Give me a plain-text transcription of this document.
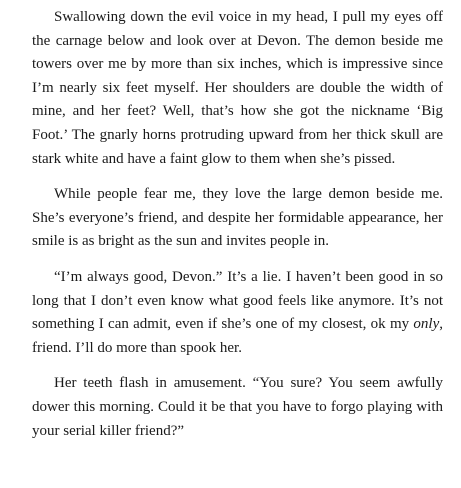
Swallowing down the evil voice in my head, I pull my eyes off the carnage below and look over at Devon. The demon beside me towers over me by more than six inches, which is impressive since I’m nearly six feet myself. Her shoulders are double the width of mine, and her feet? Well, that’s how she got the nickname ‘Big Foot.’ The gnarly horns protruding upward from her thick skull are stark white and have a faint glow to them when she’s pissed.

While people fear me, they love the large demon beside me. She’s everyone’s friend, and despite her formidable appearance, her smile is as bright as the sun and invites people in.

“I’m always good, Devon.” It’s a lie. I haven’t been good in so long that I don’t even know what good feels like anymore. It’s not something I can admit, even if she’s one of my closest, ok my only, friend. I’ll do more than spook her.

Her teeth flash in amusement. “You sure? You seem awfully dower this morning. Could it be that you have to forgo playing with your serial killer friend?”
